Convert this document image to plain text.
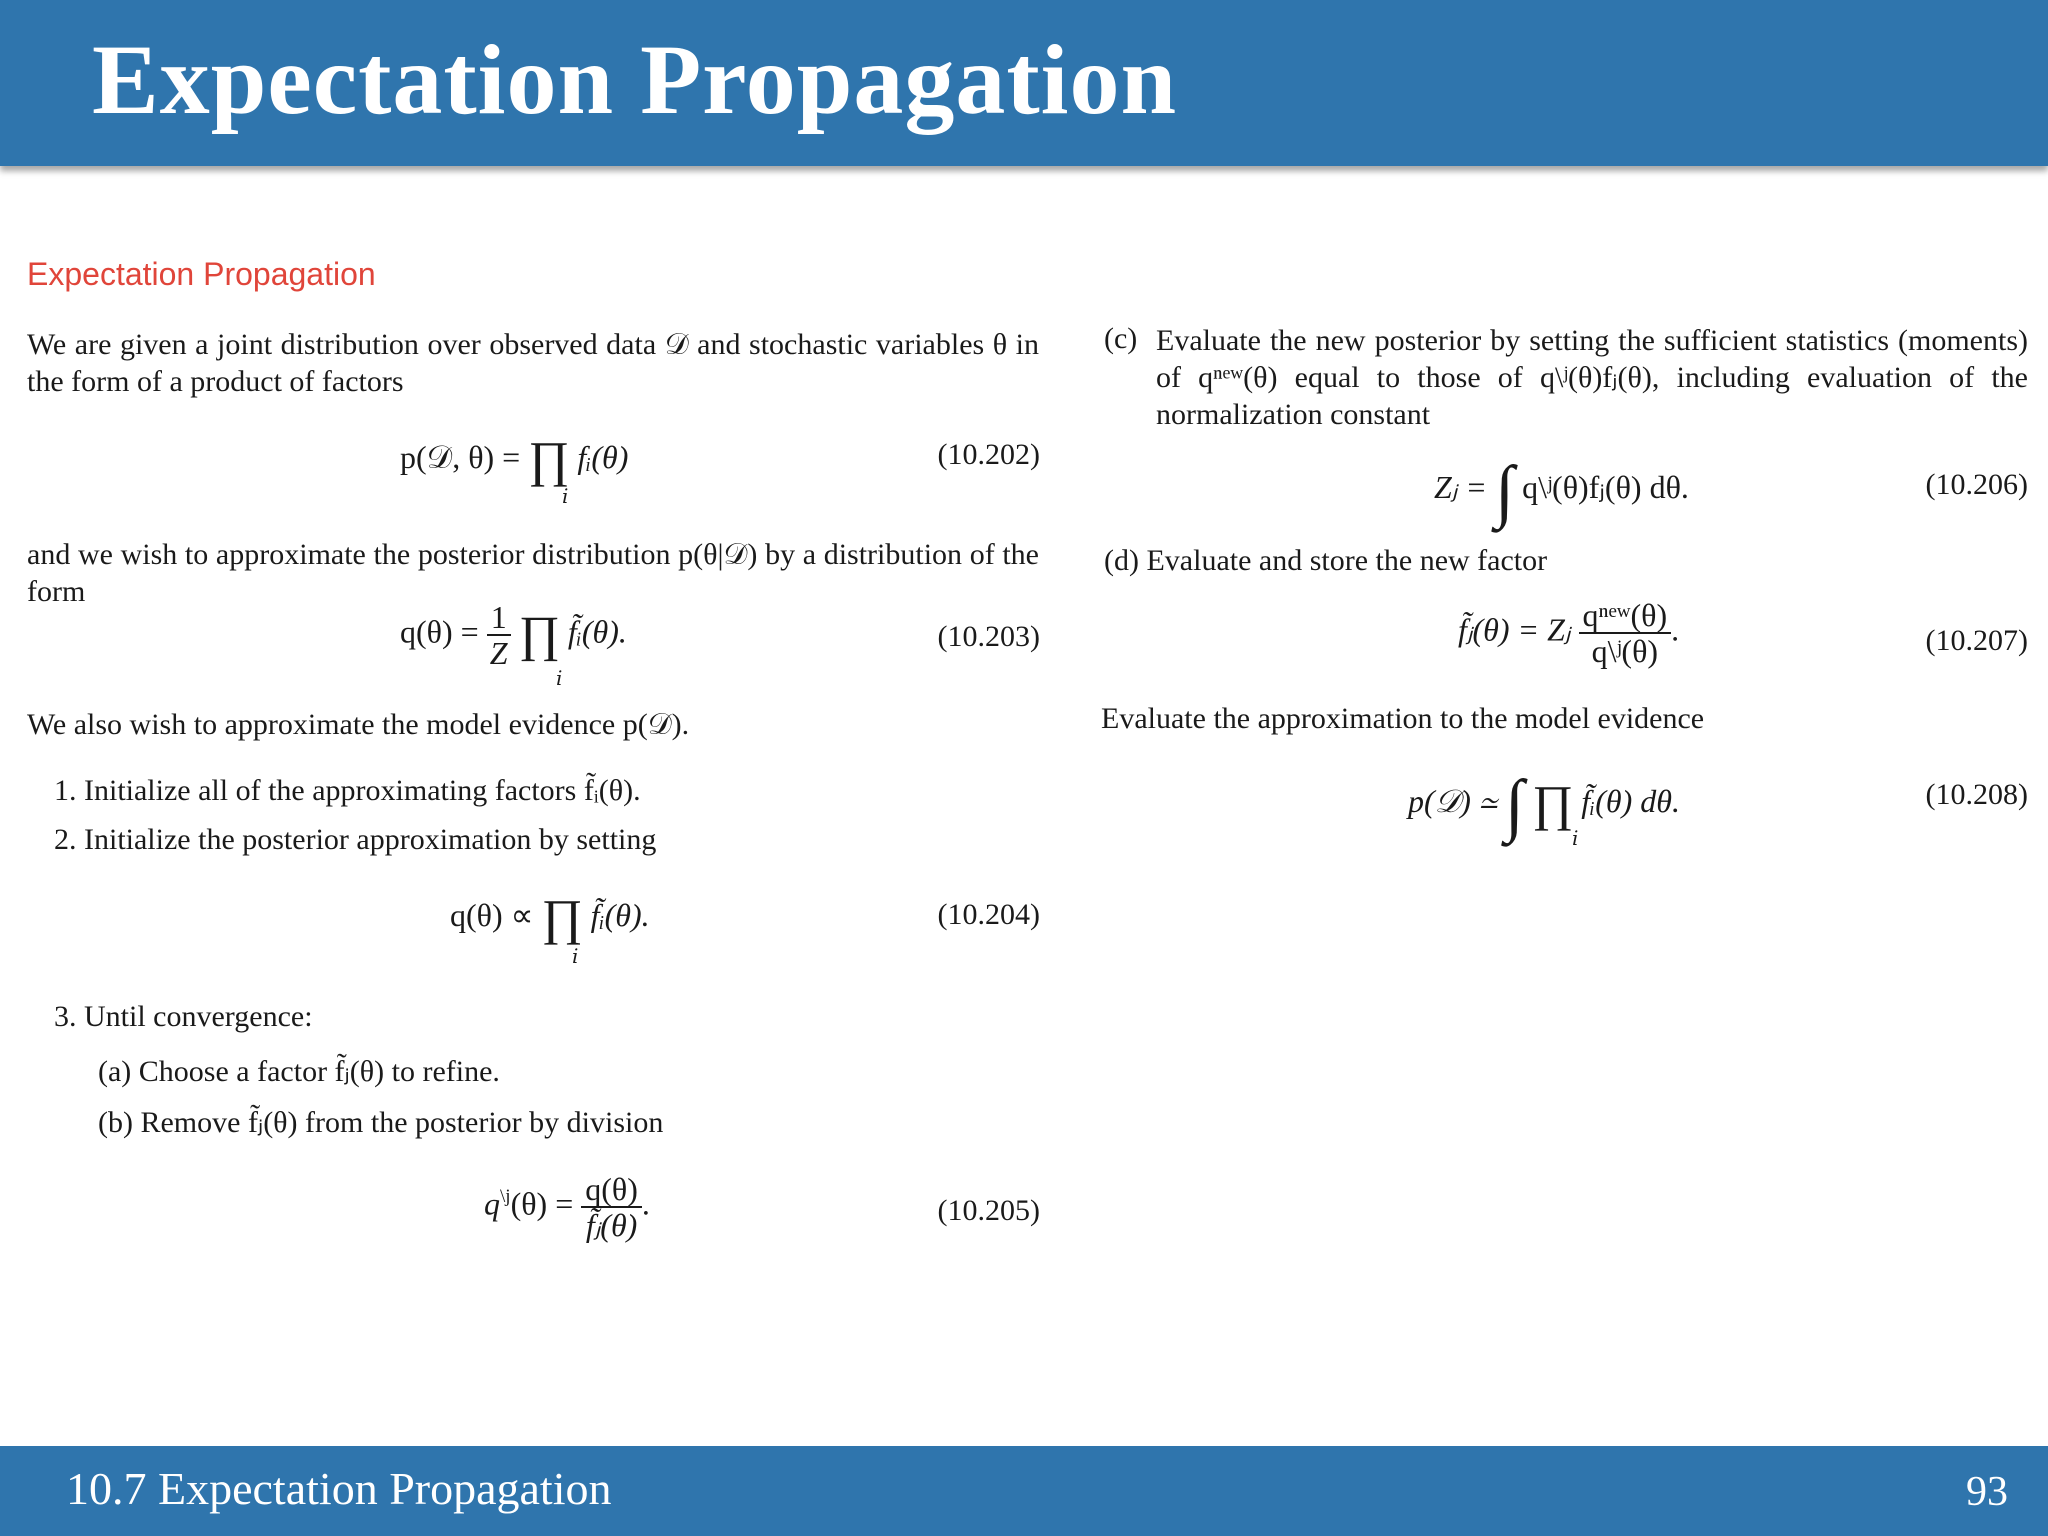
Expectation Propagation
Expectation Propagation
We are given a joint distribution over observed data 𝒟 and stochastic variables θ in the form of a product of factors
p(𝒟, θ) = ∏ fᵢ(θ)
i
(10.202)
and we wish to approximate the posterior distribution p(θ|𝒟) by a distribution of the form
$q(\theta) = \frac{1}{Z}$ ∏ f̃ᵢ(θ).
i
(10.203)
We also wish to approximate the model evidence p(𝒟).
1. Initialize all of the approximating factors f̃ᵢ(θ).
2. Initialize the posterior approximation by setting
q(θ) ∝ ∏ f̃ᵢ(θ).
i
(10.204)
3. Until convergence:
(a) Choose a factor f̃ⱼ(θ) to refine.
(b) Remove f̃ⱼ(θ) from the posterior by division
$q^{\backslash j}(\theta) = \frac{q(\theta)}{\text{f̃ⱼ(θ)}}$ .	(10.205)
(c) Evaluate the new posterior by setting the sufficient statistics (moments) of qⁿᵉʷ(θ) equal to those of q\ʲ(θ)fⱼ(θ), including evaluation of the normalization constant
Zⱼ = ∫ q\ʲ(θ)fⱼ(θ) dθ.	(10.206)
(d) Evaluate and store the new factor
f̃ⱼ(θ) = Zⱼ $\frac{\text{qⁿᵉʷ(θ)}}{\text{q\textbackslash{}ʲ(θ)}}$ .	(10.207)
Evaluate the approximation to the model evidence
p(𝒟) ≃ ∫ ∏ f̃ᵢ(θ) dθ.
i
(10.208)
10.7 Expectation Propagation	93
